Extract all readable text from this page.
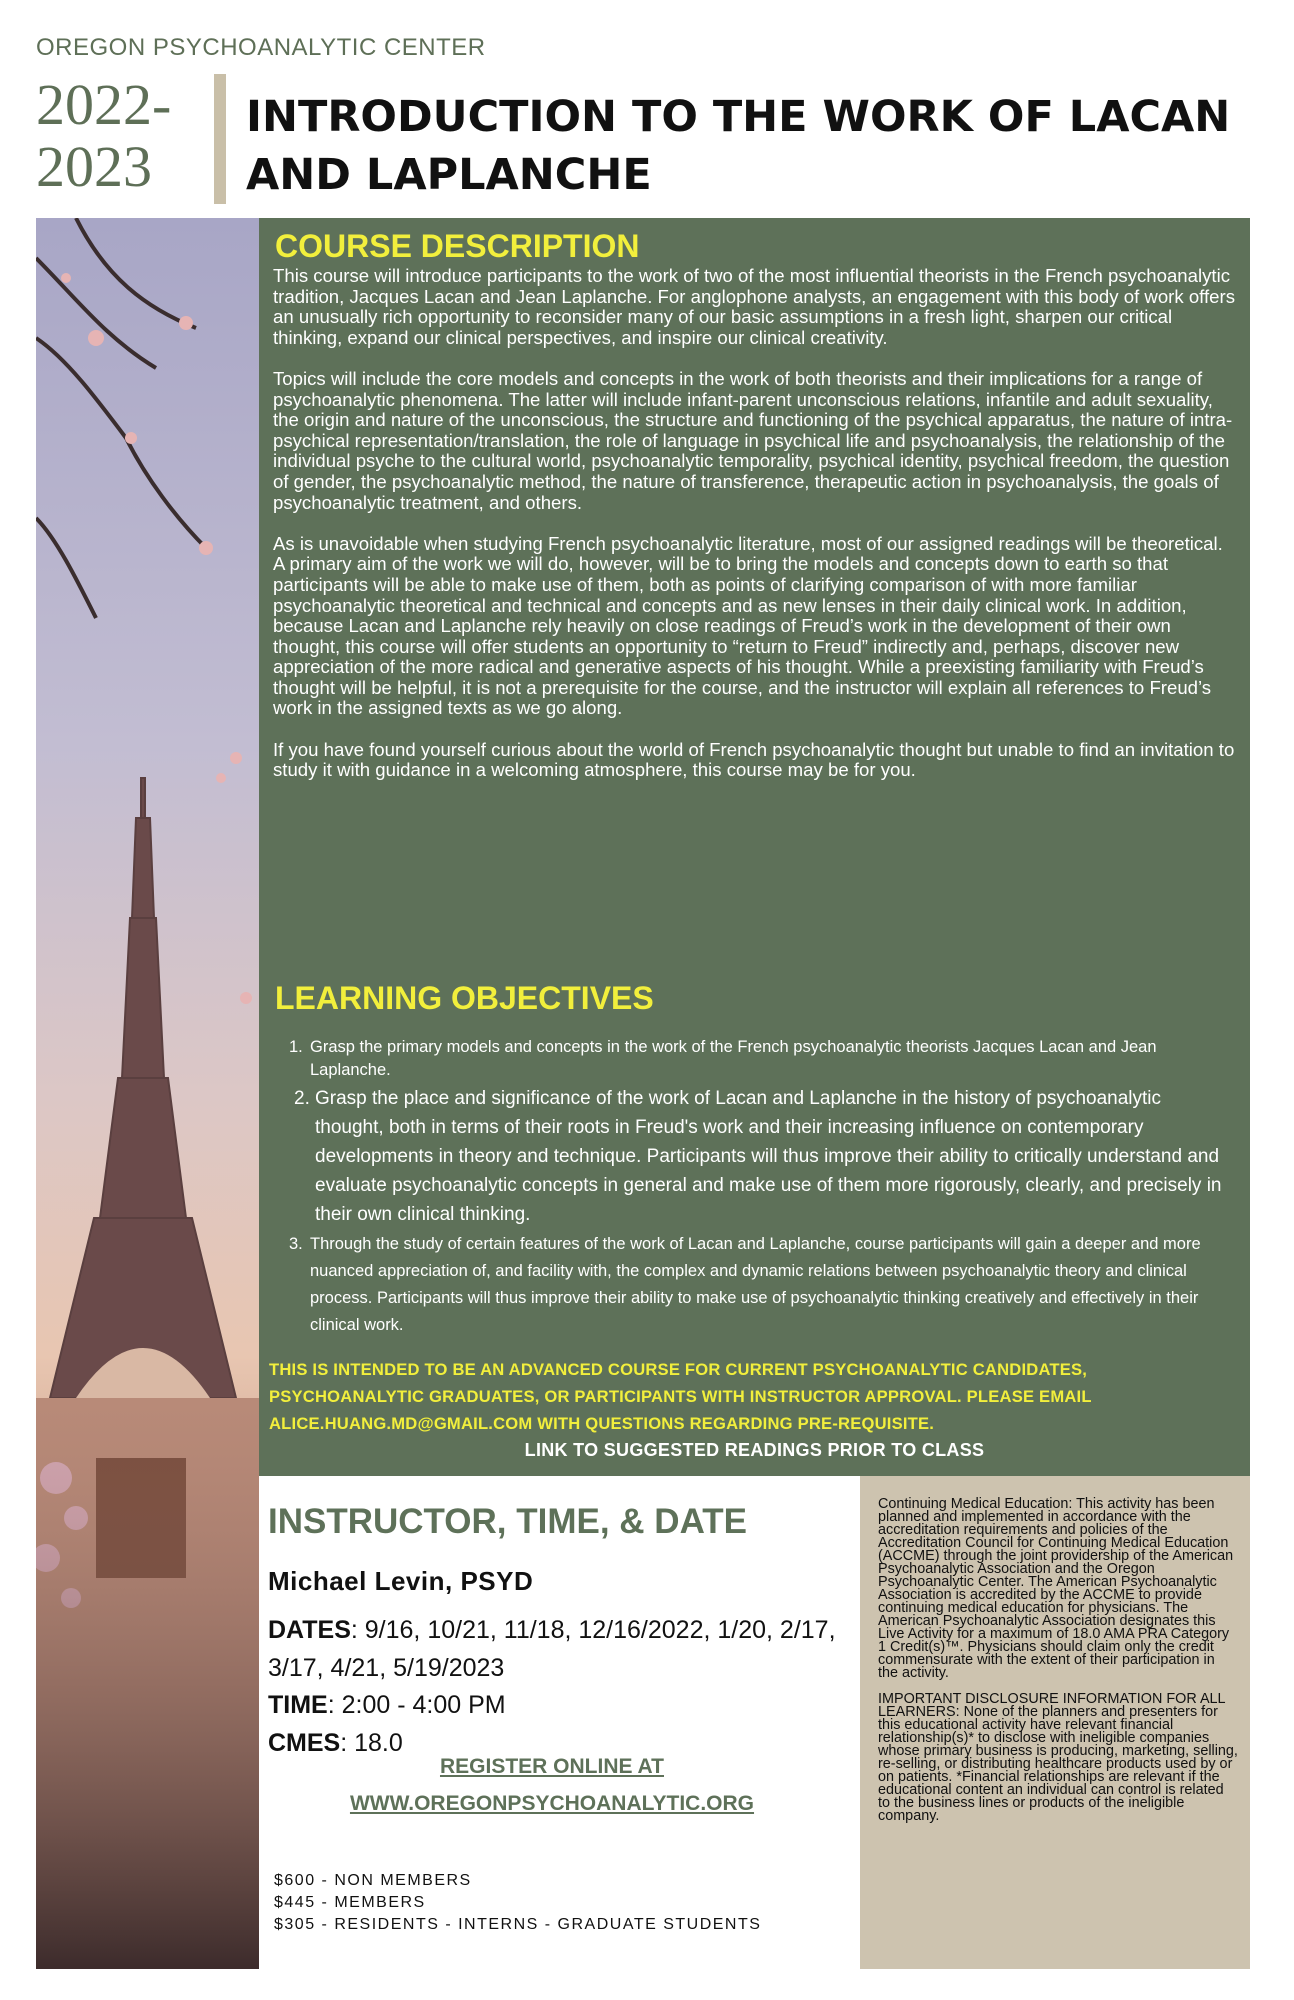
OREGON PSYCHOANALYTIC CENTER
2022-
2023
INTRODUCTION TO THE WORK OF LACAN AND LAPLANCHE
COURSE DESCRIPTION

This course will introduce participants to the work of two of the most influential theorists in the French psychoanalytic tradition, Jacques Lacan and Jean Laplanche. For anglophone analysts, an engagement with this body of work offers an unusually rich opportunity to reconsider many of our basic assumptions in a fresh light, sharpen our critical thinking, expand our clinical perspectives, and inspire our clinical creativity.

Topics will include the core models and concepts in the work of both theorists and their implications for a range of psychoanalytic phenomena. The latter will include infant-parent unconscious relations, infantile and adult sexuality, the origin and nature of the unconscious, the structure and functioning of the psychical apparatus, the nature of intra-psychical representation/translation, the role of language in psychical life and psychoanalysis, the relationship of the individual psyche to the cultural world, psychoanalytic temporality, psychical identity, psychical freedom, the question of gender, the psychoanalytic method, the nature of transference, therapeutic action in psychoanalysis, the goals of psychoanalytic treatment, and others.

As is unavoidable when studying French psychoanalytic literature, most of our assigned readings will be theoretical. A primary aim of the work we will do, however, will be to bring the models and concepts down to earth so that participants will be able to make use of them, both as points of clarifying comparison of with more familiar psychoanalytic theoretical and technical and concepts and as new lenses in their daily clinical work. In addition, because Lacan and Laplanche rely heavily on close readings of Freud’s work in the development of their own thought, this course will offer students an opportunity to “return to Freud” indirectly and, perhaps, discover new appreciation of the more radical and generative aspects of his thought. While a preexisting familiarity with Freud’s thought will be helpful, it is not a prerequisite for the course, and the instructor will explain all references to Freud’s work in the assigned texts as we go along.

If you have found yourself curious about the world of French psychoanalytic thought but unable to find an invitation to study it with guidance in a welcoming atmosphere, this course may be for you.

LEARNING OBJECTIVES
1. Grasp the primary models and concepts in the work of the French psychoanalytic theorists Jacques Lacan and Jean Laplanche.
2. Grasp the place and significance of the work of Lacan and Laplanche in the history of psychoanalytic thought, both in terms of their roots in Freud's work and their increasing influence on contemporary developments in theory and technique. Participants will thus improve their ability to critically understand and evaluate psychoanalytic concepts in general and make use of them more rigorously, clearly, and precisely in their own clinical thinking.
3. Through the study of certain features of the work of Lacan and Laplanche, course participants will gain a deeper and more nuanced appreciation of, and facility with, the complex and dynamic relations between psychoanalytic theory and clinical process. Participants will thus improve their ability to make use of psychoanalytic thinking creatively and effectively in their clinical work.
THIS IS INTENDED TO BE AN ADVANCED COURSE FOR CURRENT PSYCHOANALYTIC CANDIDATES, PSYCHOANALYTIC GRADUATES, OR PARTICIPANTS WITH INSTRUCTOR APPROVAL. PLEASE EMAIL ALICE.HUANG.MD@GMAIL.COM WITH QUESTIONS REGARDING PRE-REQUISITE.
LINK TO SUGGESTED READINGS PRIOR TO CLASS
INSTRUCTOR, TIME, & DATE
Michael Levin, PSYD
DATES: 9/16, 10/21, 11/18, 12/16/2022, 1/20, 2/17, 3/17, 4/21, 5/19/2023
TIME: 2:00 - 4:00 PM
CMES: 18.0
REGISTER ONLINE AT
WWW.OREGONPSYCHOANALYTIC.ORG
$600 - NON MEMBERS
$445 - MEMBERS
$305 - RESIDENTS - INTERNS - GRADUATE STUDENTS

Continuing Medical Education: This activity has been planned and implemented in accordance with the accreditation requirements and policies of the Accreditation Council for Continuing Medical Education (ACCME) through the joint providership of the American Psychoanalytic Association and the Oregon Psychoanalytic Center. The American Psychoanalytic Association is accredited by the ACCME to provide continuing medical education for physicians. The American Psychoanalytic Association designates this Live Activity for a maximum of 18.0 AMA PRA Category 1 Credit(s)™. Physicians should claim only the credit commensurate with the extent of their participation in the activity.

IMPORTANT DISCLOSURE INFORMATION FOR ALL LEARNERS: None of the planners and presenters for this educational activity have relevant financial relationship(s)* to disclose with ineligible companies whose primary business is producing, marketing, selling, re-selling, or distributing healthcare products used by or on patients. *Financial relationships are relevant if the educational content an individual can control is related to the business lines or products of the ineligible company.
